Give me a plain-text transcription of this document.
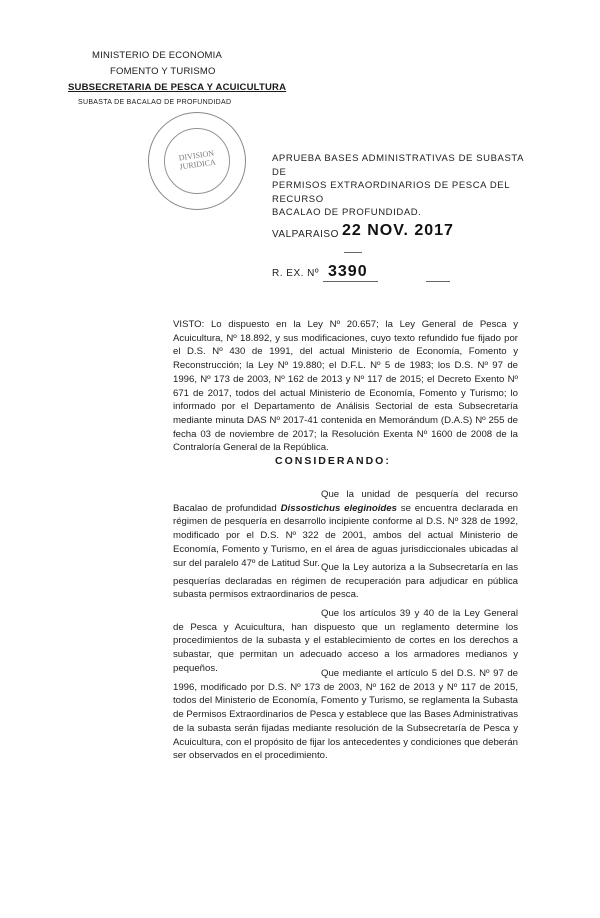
MINISTERIO DE ECONOMIA
FOMENTO Y TURISMO
SUBSECRETARIA DE PESCA Y ACUICULTURA
SUBASTA DE BACALAO DE PROFUNDIDAD
DIVISION JURIDICA	APRUEBA BASES ADMINISTRATIVAS DE SUBASTA DE
PERMISOS EXTRAORDINARIOS DE PESCA DEL RECURSO
BACALAO DE PROFUNDIDAD.
VALPARAISO 22 NOV. 2017
R. EX. Nº 3390
VISTO: Lo dispuesto en la Ley Nº 20.657; la Ley General de Pesca y Acuicultura, Nº 18.892, y sus modificaciones, cuyo texto refundido fue fijado por el D.S. Nº 430 de 1991, del actual Ministerio de Economía, Fomento y Reconstrucción; la Ley Nº 19.880; el D.F.L. Nº 5 de 1983; los D.S. Nº 97 de 1996, Nº 173 de 2003, Nº 162 de 2013 y Nº 117 de 2015; el Decreto Exento Nº 671 de 2017, todos del actual Ministerio de Economía, Fomento y Turismo; lo informado por el Departamento de Análisis Sectorial de esta Subsecretaría mediante minuta DAS Nº 2017-41 contenida en Memorándum (D.A.S) Nº 255 de fecha 03 de noviembre de 2017; la Resolución Exenta Nº 1600 de 2008 de la Contraloría General de la República.
CONSIDERANDO:
Que la unidad de pesquería del recurso Bacalao de profundidad Dissostichus eleginoides se encuentra declarada en régimen de pesquería en desarrollo incipiente conforme al D.S. Nº 328 de 1992, modificado por el D.S. Nº 322 de 2001, ambos del actual Ministerio de Economía, Fomento y Turismo, en el área de aguas jurisdiccionales ubicadas al sur del paralelo 47º de Latitud Sur. Que la Ley autoriza a la Subsecretaría en las pesquerías declaradas en régimen de recuperación para adjudicar en pública subasta permisos extraordinarios de pesca.
Que los artículos 39 y 40 de la Ley General de Pesca y Acuicultura, han dispuesto que un reglamento determine los procedimientos de la subasta y el establecimiento de cortes en los derechos a subastar, que permitan un adecuado acceso a los armadores medianos y pequeños.	Que mediante el artículo 5 del D.S. Nº 97 de 1996, modificado por D.S. Nº 173 de 2003, Nº 162 de 2013 y Nº 117 de 2015, todos del Ministerio de Economía, Fomento y Turismo, se reglamenta la Subasta de Permisos Extraordinarios de Pesca y establece que las Bases Administrativas de la subasta serán fijadas mediante resolución de la Subsecretaría de Pesca y Acuicultura, con el propósito de fijar los antecedentes y condiciones que deberán ser observados en el procedimiento.
